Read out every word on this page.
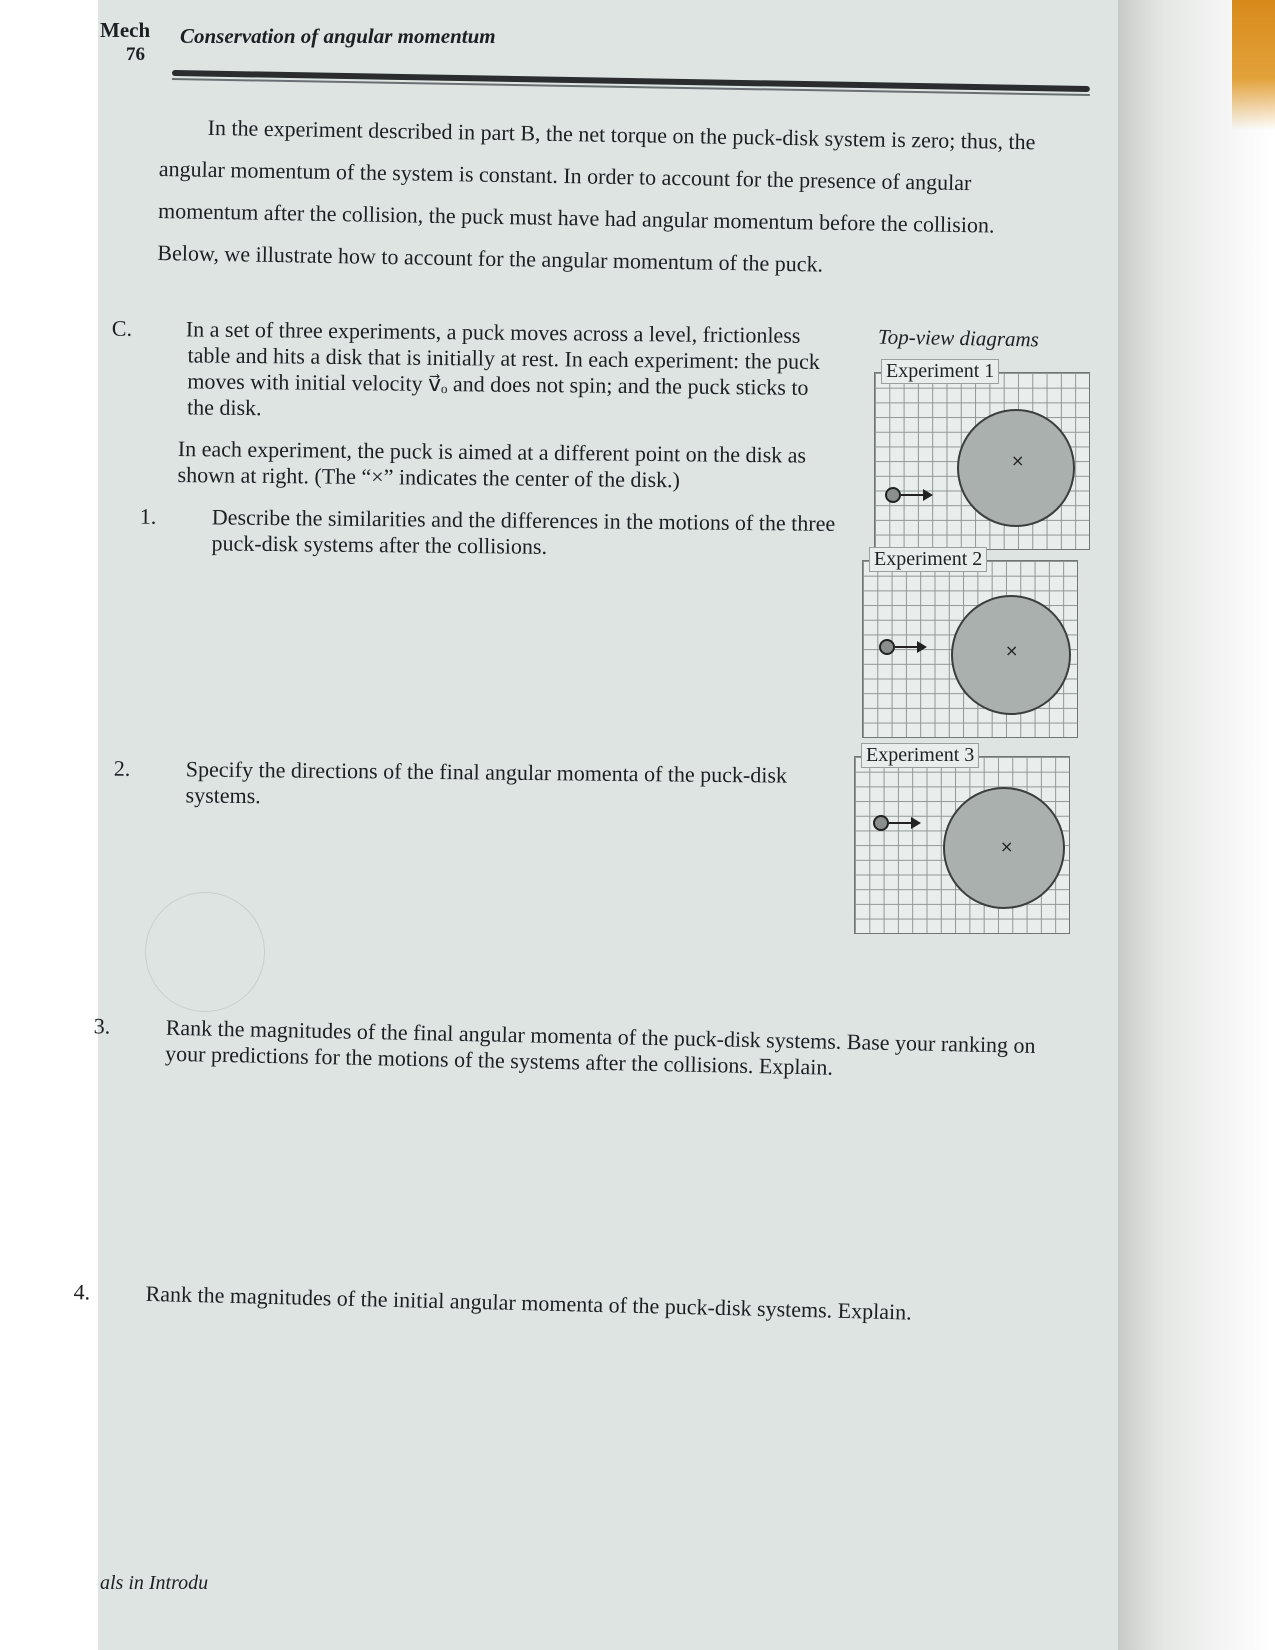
Mech
76
Conservation of angular momentum
In the experiment described in part B, the net torque on the puck-disk system is zero; thus, the
angular momentum of the system is constant. In order to account for the presence of angular
momentum after the collision, the puck must have had angular momentum before the collision.
Below, we illustrate how to account for the angular momentum of the puck.
C. In a set of three experiments, a puck moves across a level, frictionless table and hits a disk that is initially at rest. In each experiment: the puck moves with initial velocity v⃗ₒ and does not spin; and the puck sticks to the disk.
In each experiment, the puck is aimed at a different point on the disk as shown at right. (The “×” indicates the center of the disk.)
1.	Describe the similarities and the differences in the motions of the three puck-disk systems after the collisions.
2.	Specify the directions of the final angular momenta of the puck-disk systems.
3. Rank the magnitudes of the final angular momenta of the puck-disk systems. Base your ranking on your predictions for the motions of the systems after the collisions. Explain.
4. Rank the magnitudes of the initial angular momenta of the puck-disk systems. Explain.
Top-view diagrams
Experiment 1
×
Experiment 2
×
Experiment 3
×
als in Introdu
